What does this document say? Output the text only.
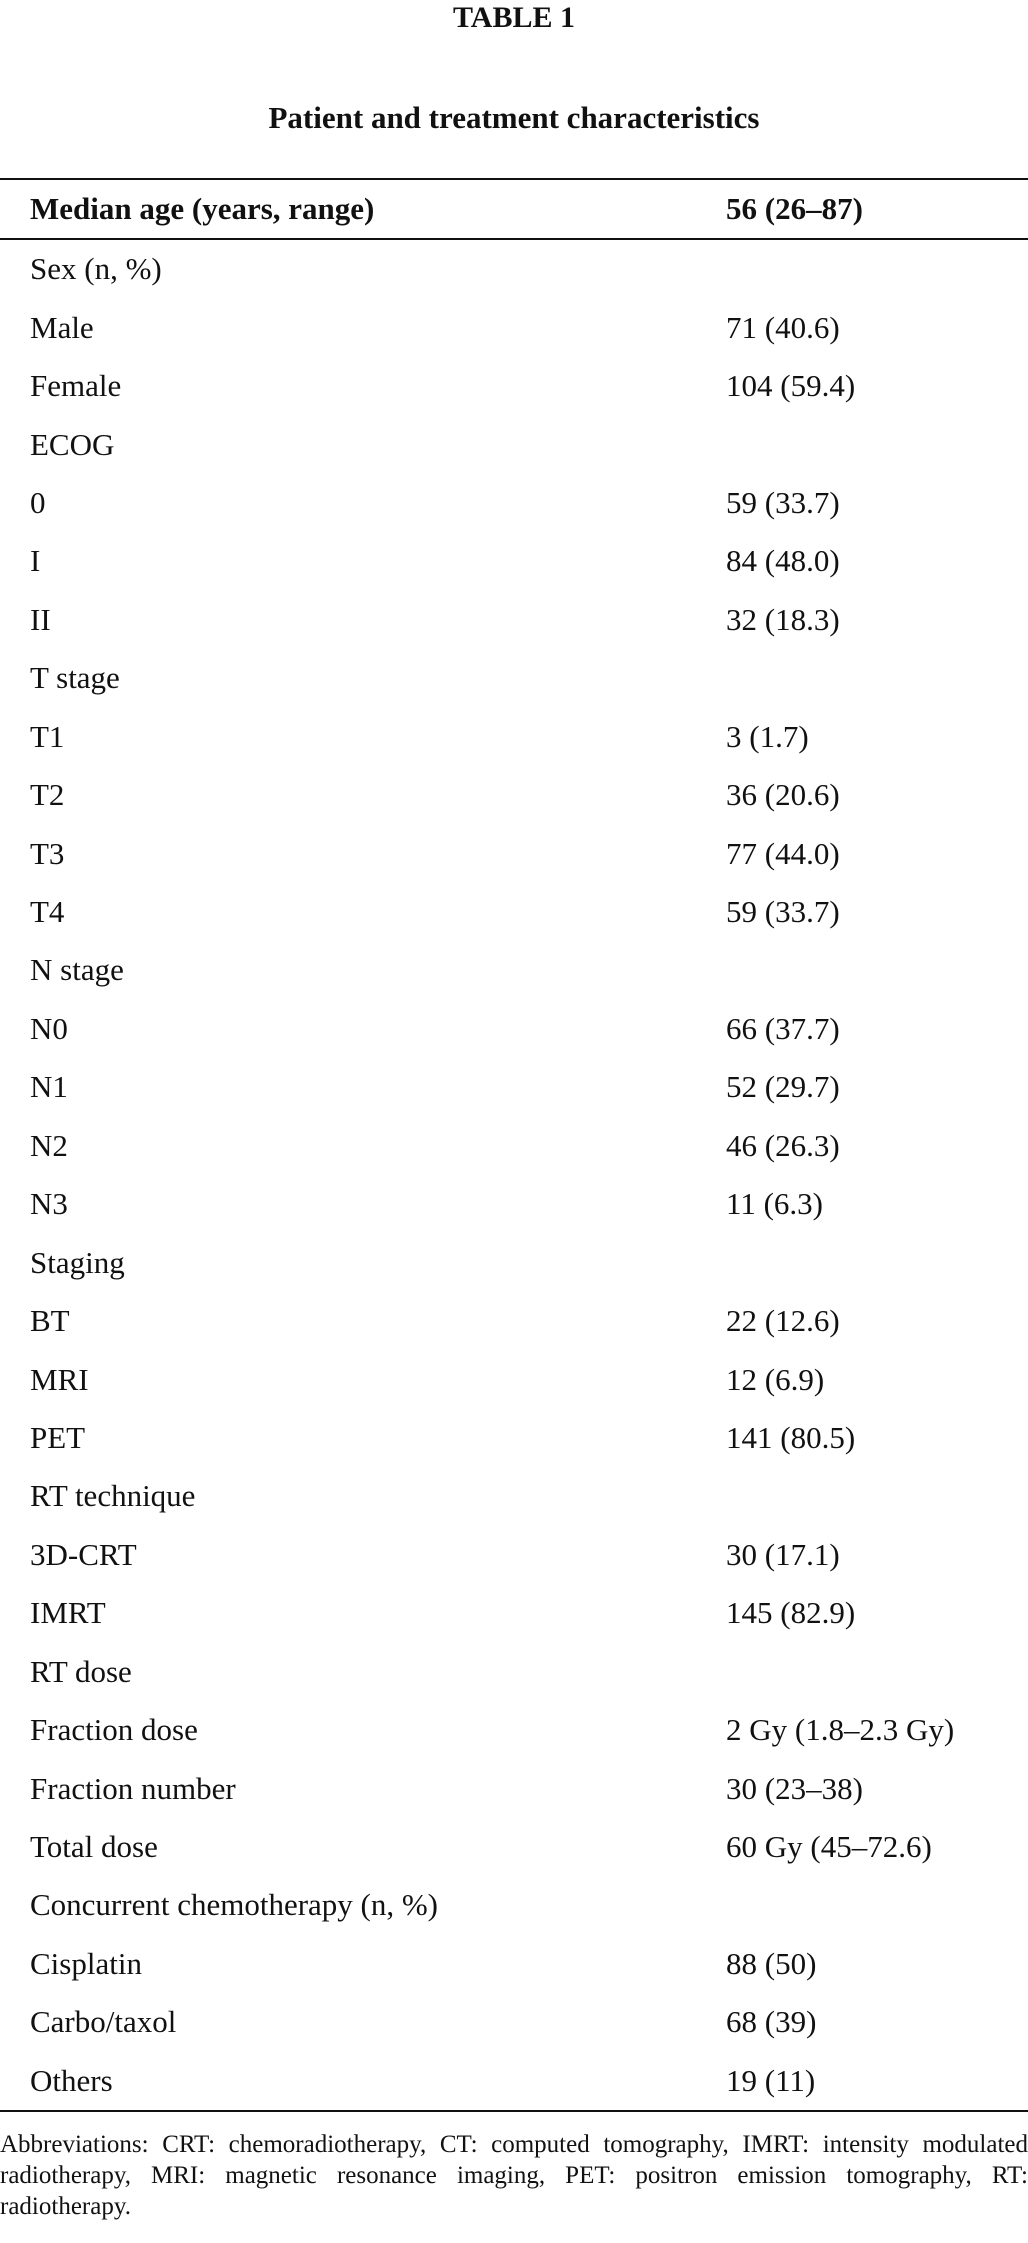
TABLE 1
Patient and treatment characteristics
Median age (years, range)	56 (26–87)
Sex (n, %)
Male	71 (40.6)
Female	104 (59.4)
ECOG
0	59 (33.7)
I	84 (48.0)
II	32 (18.3)
T stage
T1	3 (1.7)
T2	36 (20.6)
T3	77 (44.0)
T4	59 (33.7)
N stage
N0	66 (37.7)
N1	52 (29.7)
N2	46 (26.3)
N3	11 (6.3)
Staging
BT	22 (12.6)
MRI	12 (6.9)
PET	141 (80.5)
RT technique
3D-CRT	30 (17.1)
IMRT	145 (82.9)
RT dose
Fraction dose	2 Gy (1.8–2.3 Gy)
Fraction number	30 (23–38)
Total dose	60 Gy (45–72.6)
Concurrent chemotherapy (n, %)
Cisplatin	88 (50)
Carbo/taxol	68 (39)
Others	19 (11)
Abbreviations: CRT: chemoradiotherapy, CT: computed tomography, IMRT: intensity modulated radiotherapy, MRI: magnetic resonance imaging, PET: positron emission tomography, RT: radiotherapy.
